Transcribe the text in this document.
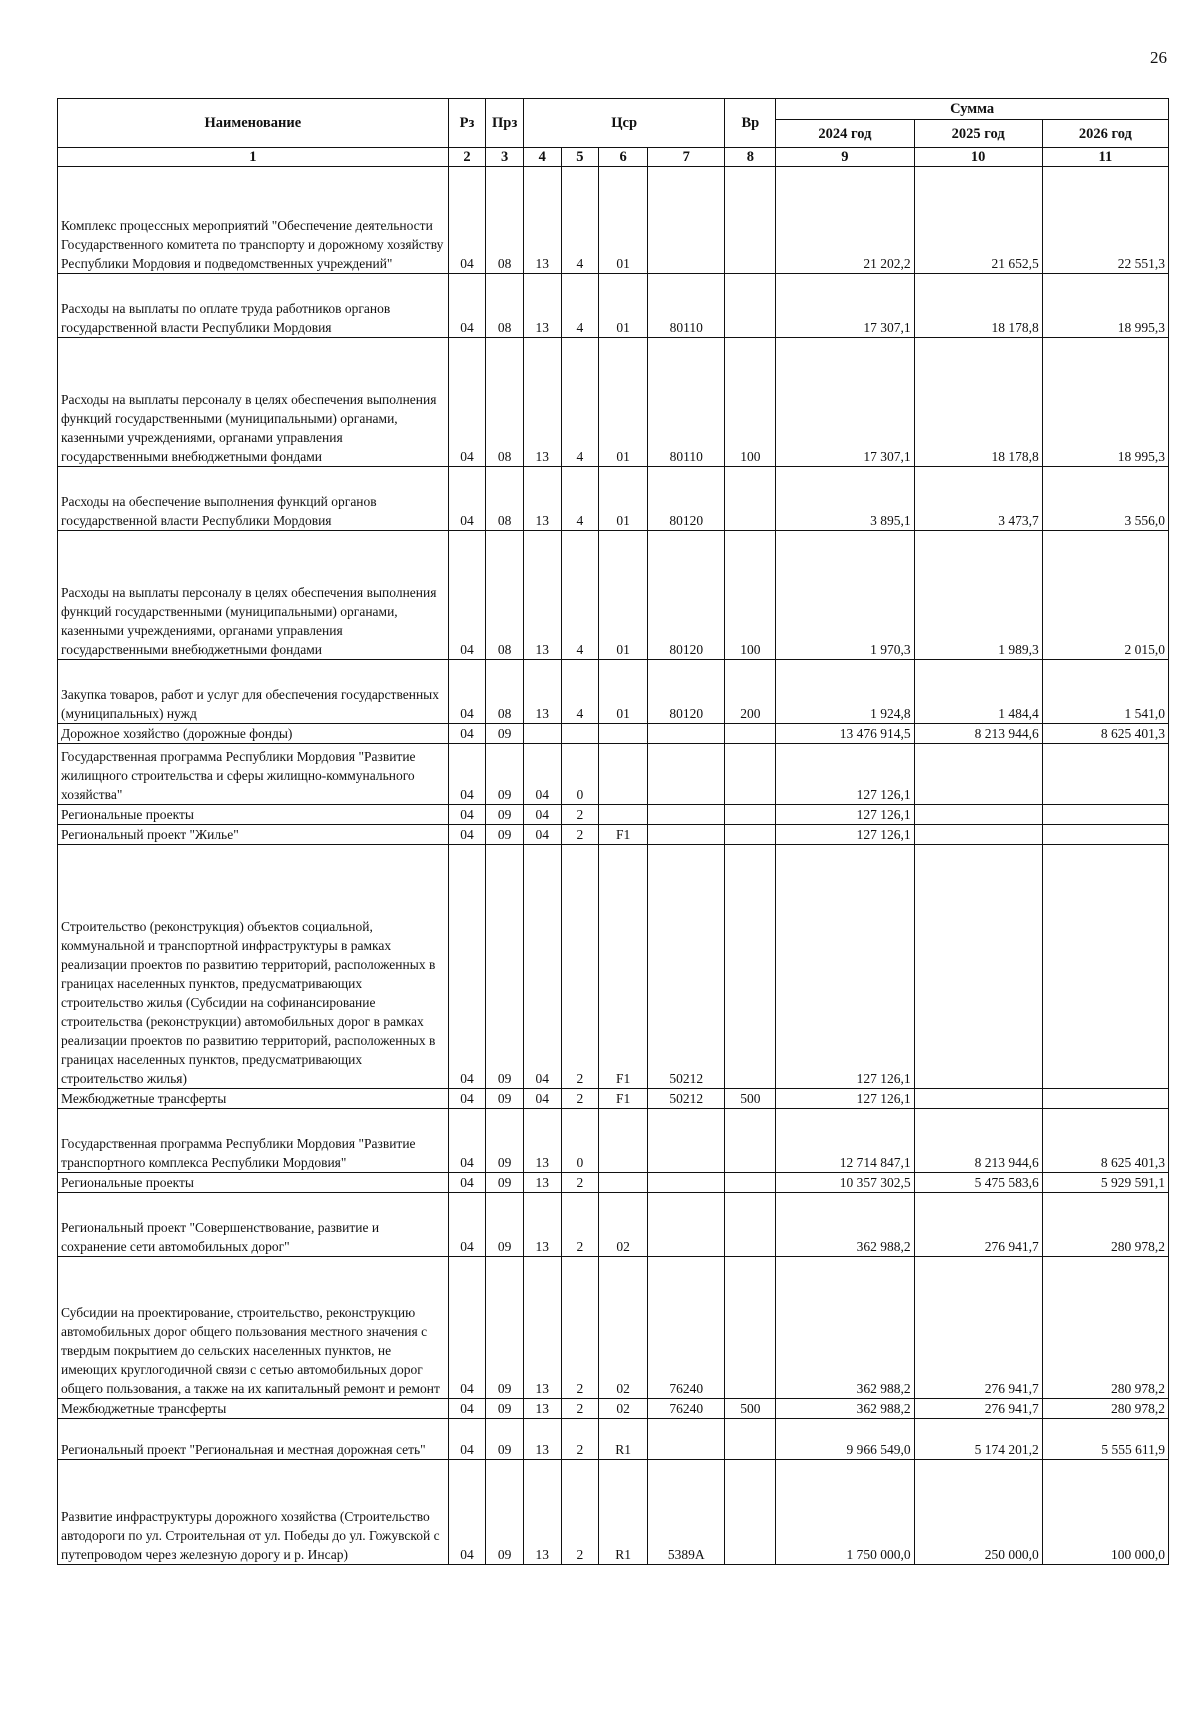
26
Наименование	Рз	Прз	Цср				Вр	Сумма		
								2024 год	2025 год	2026 год
1	2	3	4	5	6	7	8	9	10	11
Комплекс процессных мероприятий "Обеспечение деятельности Государственного комитета по транспорту и дорожному хозяйству Республики Мордовия и подведомственных учреждений"	04	08	13	4	01			21 202,2	21 652,5	22 551,3
Расходы на выплаты по оплате труда работников органов государственной власти Республики Мордовия	04	08	13	4	01	80110		17 307,1	18 178,8	18 995,3
Расходы на выплаты персоналу в целях обеспечения выполнения функций государственными (муниципальными) органами, казенными учреждениями, органами управления государственными внебюджетными фондами	04	08	13	4	01	80110	100	17 307,1	18 178,8	18 995,3
Расходы на обеспечение выполнения функций органов государственной власти Республики Мордовия	04	08	13	4	01	80120		3 895,1	3 473,7	3 556,0
Расходы на выплаты персоналу в целях обеспечения выполнения функций государственными (муниципальными) органами, казенными учреждениями, органами управления государственными внебюджетными фондами	04	08	13	4	01	80120	100	1 970,3	1 989,3	2 015,0
Закупка товаров, работ и услуг для обеспечения государственных (муниципальных) нужд	04	08	13	4	01	80120	200	1 924,8	1 484,4	1 541,0
Дорожное хозяйство (дорожные фонды)	04	09						13 476 914,5	8 213 944,6	8 625 401,3
Государственная программа Республики Мордовия "Развитие жилищного строительства и сферы жилищно-коммунального хозяйства"	04	09	04	0				127 126,1		
Региональные проекты	04	09	04	2				127 126,1		
Региональный проект "Жилье"	04	09	04	2	F1			127 126,1		
Строительство (реконструкция) объектов социальной, коммунальной и транспортной инфраструктуры в рамках реализации проектов по развитию территорий, расположенных в границах населенных пунктов, предусматривающих строительство жилья (Субсидии на софинансирование строительства (реконструкции) автомобильных дорог в рамках реализации проектов по развитию территорий, расположенных в границах населенных пунктов, предусматривающих строительство жилья)	04	09	04	2	F1	50212		127 126,1		
Межбюджетные трансферты	04	09	04	2	F1	50212	500	127 126,1		
Государственная программа Республики Мордовия "Развитие транспортного комплекса Республики Мордовия"	04	09	13	0				12 714 847,1	8 213 944,6	8 625 401,3
Региональные проекты	04	09	13	2				10 357 302,5	5 475 583,6	5 929 591,1
Региональный проект "Совершенствование, развитие и сохранение сети автомобильных дорог"	04	09	13	2	02			362 988,2	276 941,7	280 978,2
Субсидии на проектирование, строительство, реконструкцию автомобильных дорог общего пользования местного значения с твердым покрытием до сельских населенных пунктов, не имеющих круглогодичной связи с сетью автомобильных дорог общего пользования, а также на их капитальный ремонт и ремонт	04	09	13	2	02	76240		362 988,2	276 941,7	280 978,2
Межбюджетные трансферты	04	09	13	2	02	76240	500	362 988,2	276 941,7	280 978,2
Региональный проект "Региональная и местная дорожная сеть"	04	09	13	2	R1			9 966 549,0	5 174 201,2	5 555 611,9
Развитие инфраструктуры дорожного хозяйства (Строительство автодороги по ул. Строительная от ул. Победы до ул. Гожувской с путепроводом через железную дорогу и р. Инсар)	04	09	13	2	R1	5389А		1 750 000,0	250 000,0	100 000,0
